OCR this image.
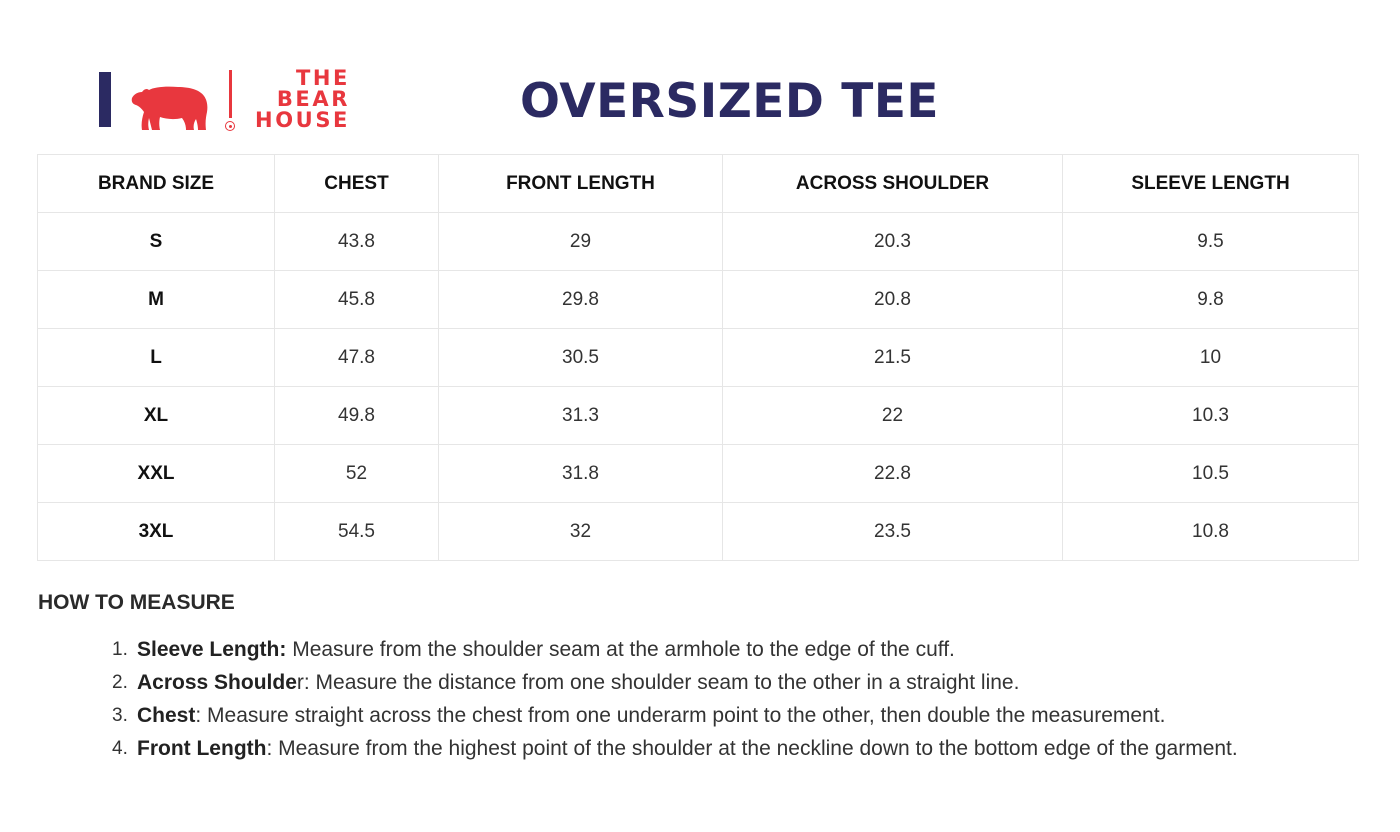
THE
BEAR
HOUSE	OVERSIZED TEE
BRAND SIZE	CHEST	FRONT LENGTH	ACROSS SHOULDER	SLEEVE LENGTH
S	43.8	29	20.3	9.5
M	45.8	29.8	20.8	9.8
L	47.8	30.5	21.5	10
XL	49.8	31.3	22	10.3
XXL	52	31.8	22.8	10.5
3XL	54.5	32	23.5	10.8
HOW TO MEASURE
1. Sleeve Length: Measure from the shoulder seam at the armhole to the edge of the cuff.
2. Across Shoulder: Measure the distance from one shoulder seam to the other in a straight line.
3. Chest: Measure straight across the chest from one underarm point to the other, then double the measurement.
4. Front Length: Measure from the highest point of the shoulder at the neckline down to the bottom edge of the garment.
